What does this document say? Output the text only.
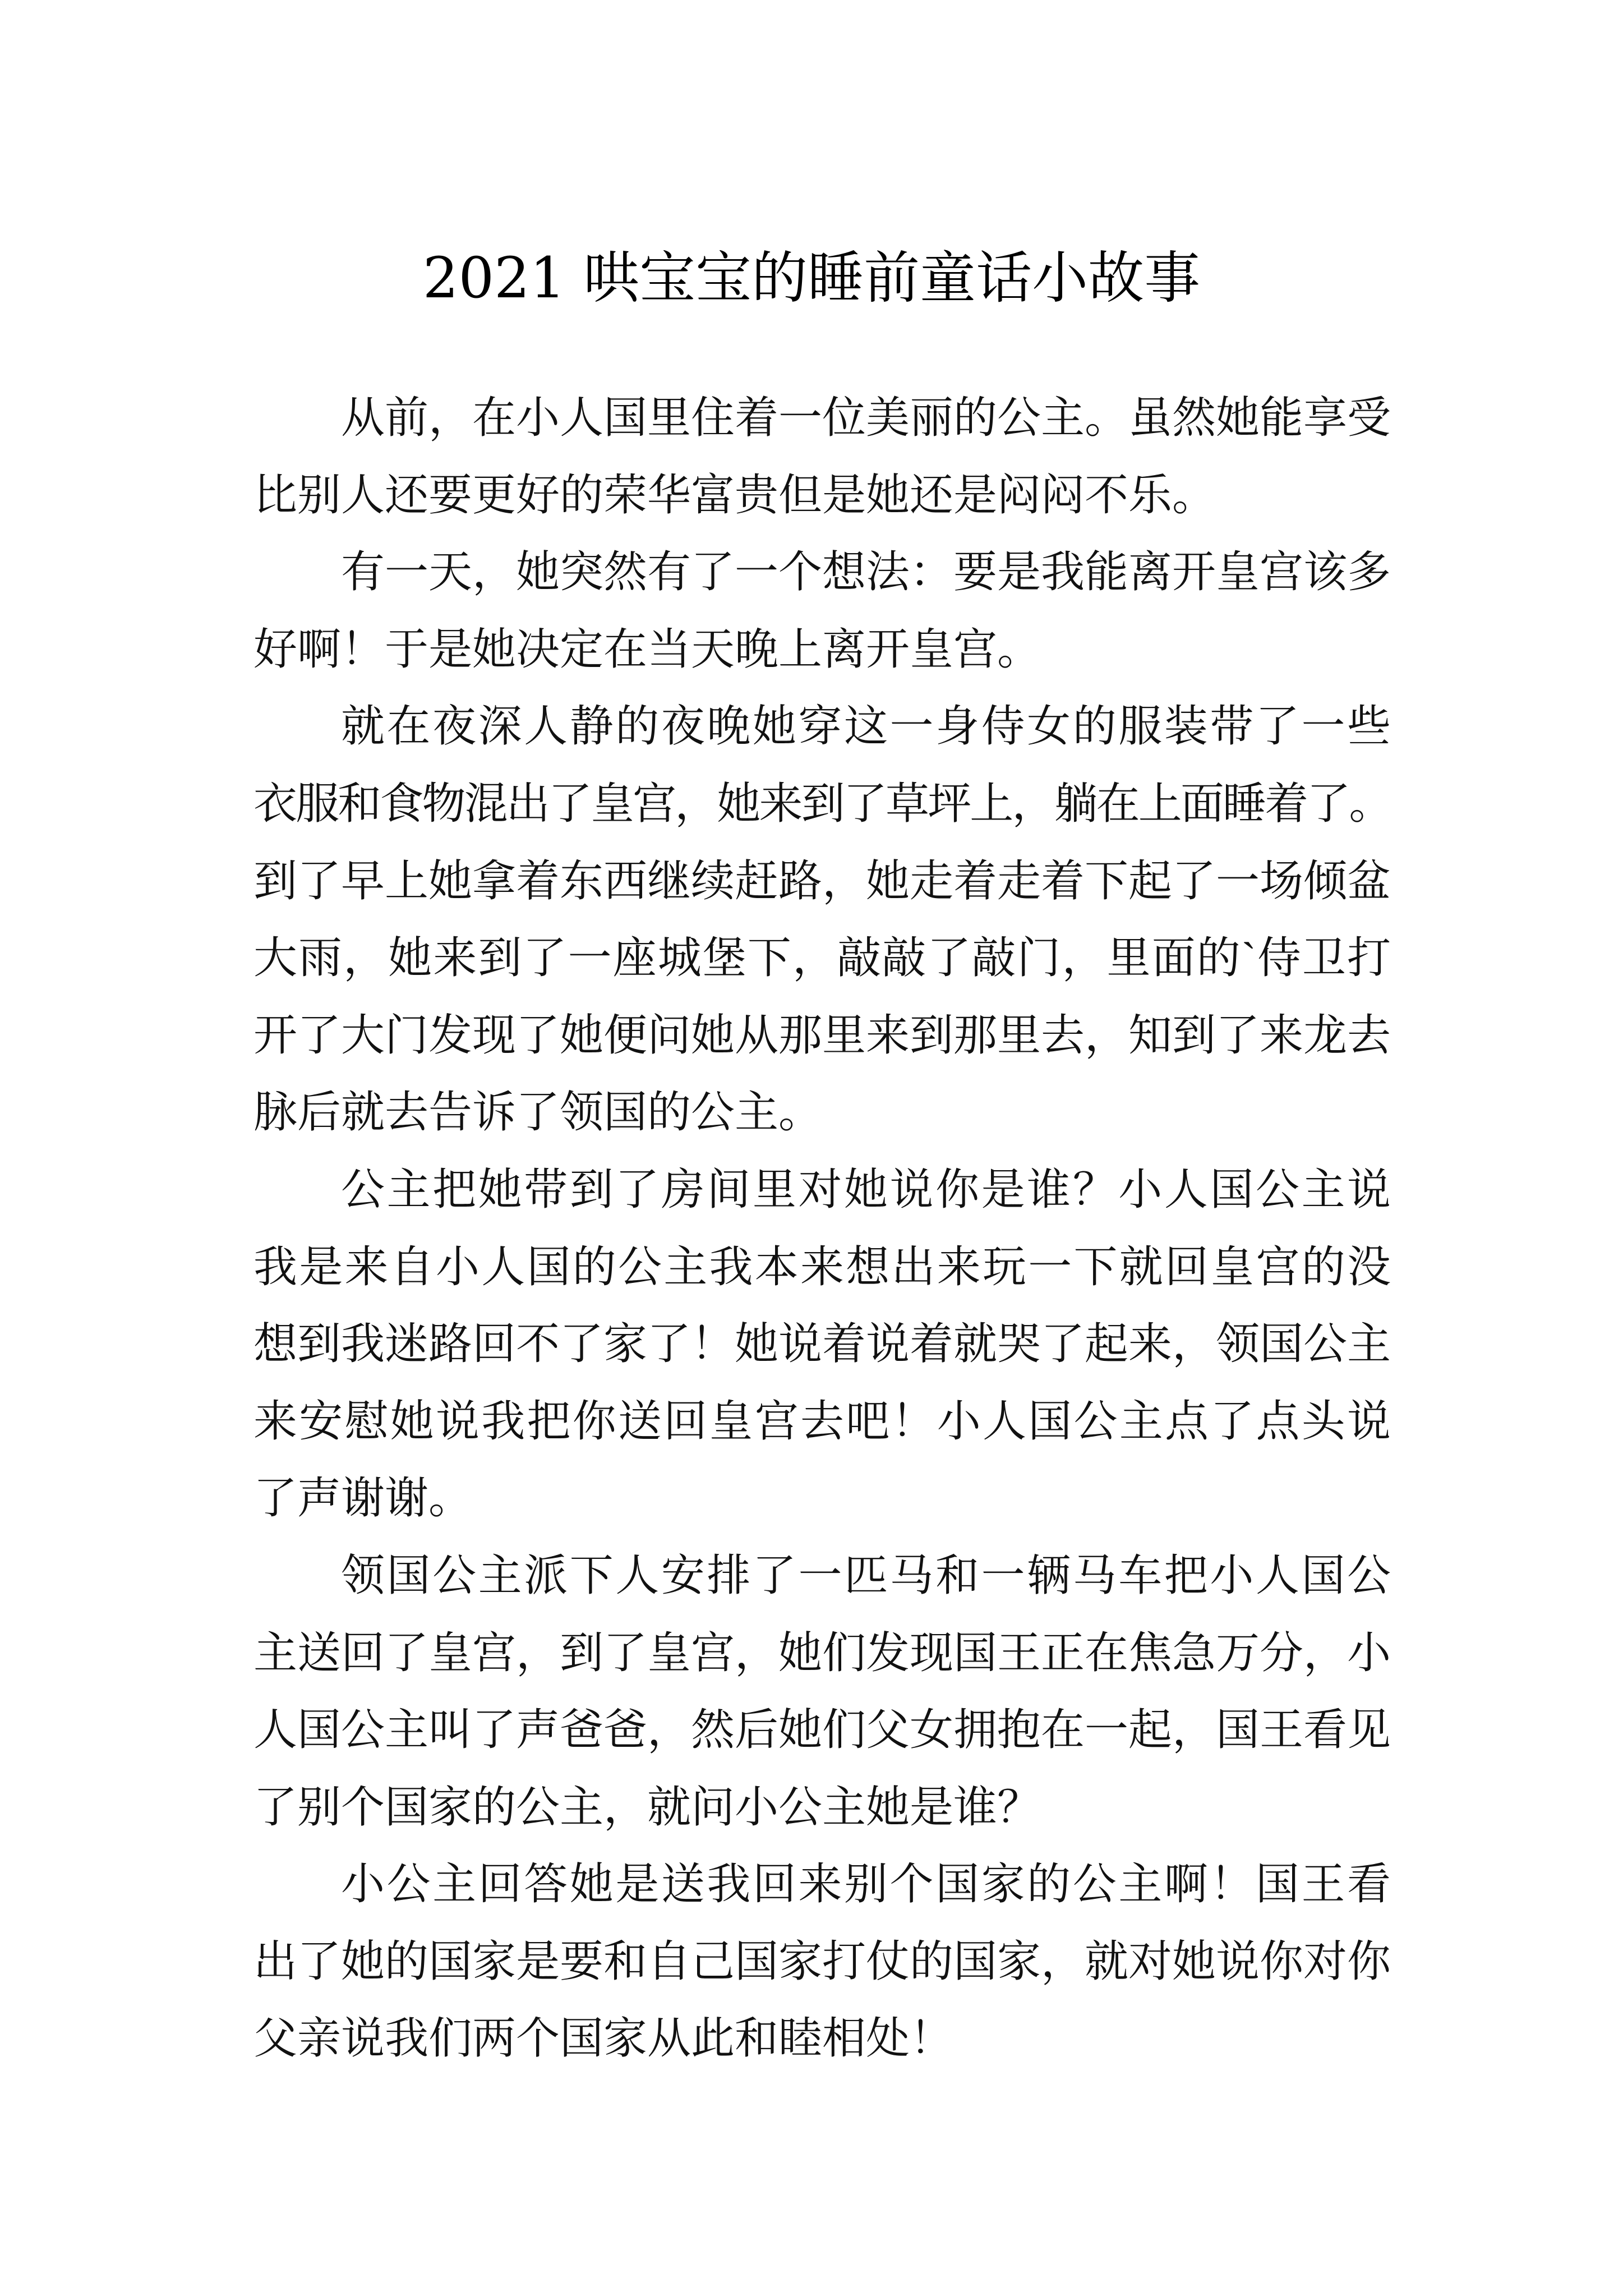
2021 哄宝宝的睡前童话小故事
从前，在小人国里住着一位美丽的公主。虽然她能享受
比别人还要更好的荣华富贵但是她还是闷闷不乐。
有一天，她突然有了一个想法：要是我能离开皇宫该多
好啊！于是她决定在当天晚上离开皇宫。
就在夜深人静的夜晚她穿这一身侍女的服装带了一些
衣服和食物混出了皇宫，她来到了草坪上，躺在上面睡着了。
到了早上她拿着东西继续赶路，她走着走着下起了一场倾盆
大雨，她来到了一座城堡下，敲敲了敲门，里面的`侍卫打
开了大门发现了她便问她从那里来到那里去，知到了来龙去
脉后就去告诉了领国的公主。
公主把她带到了房间里对她说你是谁？小人国公主说
我是来自小人国的公主我本来想出来玩一下就回皇宫的没
想到我迷路回不了家了！她说着说着就哭了起来，领国公主
来安慰她说我把你送回皇宫去吧！小人国公主点了点头说
了声谢谢。
领国公主派下人安排了一匹马和一辆马车把小人国公
主送回了皇宫，到了皇宫，她们发现国王正在焦急万分，小
人国公主叫了声爸爸，然后她们父女拥抱在一起，国王看见
了别个国家的公主，就问小公主她是谁？
小公主回答她是送我回来别个国家的公主啊！国王看
出了她的国家是要和自己国家打仗的国家，就对她说你对你
父亲说我们两个国家从此和睦相处！
